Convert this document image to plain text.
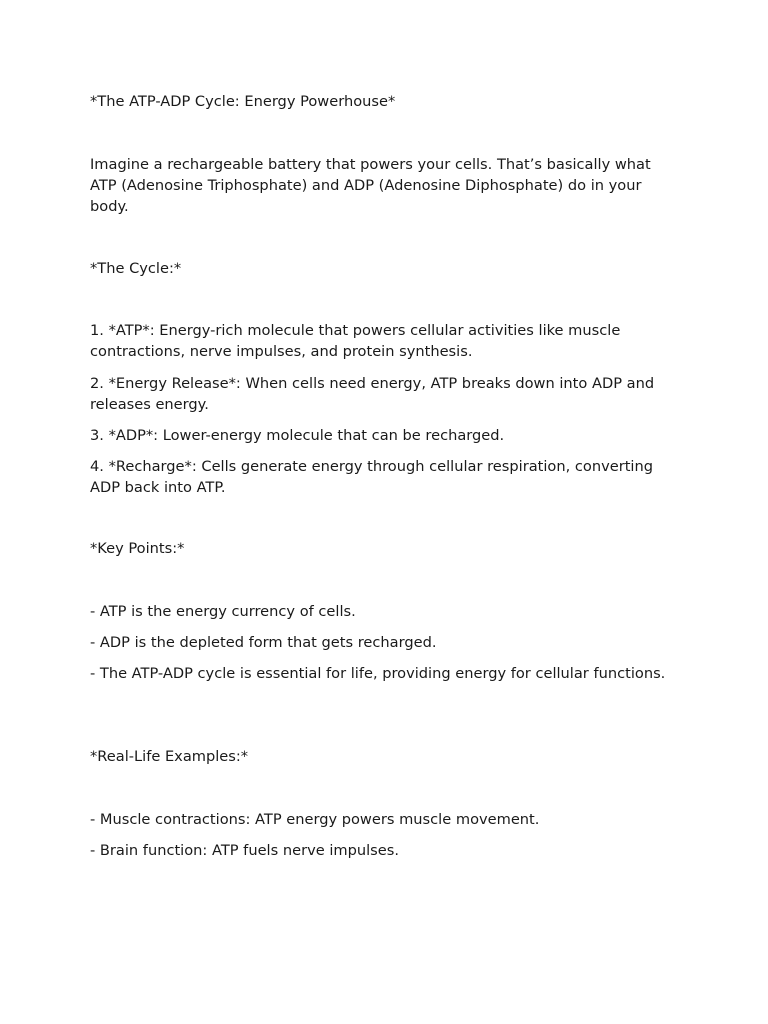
*The ATP-ADP Cycle: Energy Powerhouse*

Imagine a rechargeable battery that powers your cells. That’s basically what ATP (Adenosine Triphosphate) and ADP (Adenosine Diphosphate) do in your body.

*The Cycle:*

1. *ATP*: Energy-rich molecule that powers cellular activities like muscle contractions, nerve impulses, and protein synthesis.

2. *Energy Release*: When cells need energy, ATP breaks down into ADP and releases energy.

3. *ADP*: Lower-energy molecule that can be recharged.

4. *Recharge*: Cells generate energy through cellular respiration, converting ADP back into ATP.

*Key Points:*

- ATP is the energy currency of cells.

- ADP is the depleted form that gets recharged.

- The ATP-ADP cycle is essential for life, providing energy for cellular functions.

*Real-Life Examples:*

- Muscle contractions: ATP energy powers muscle movement.

- Brain function: ATP fuels nerve impulses.
